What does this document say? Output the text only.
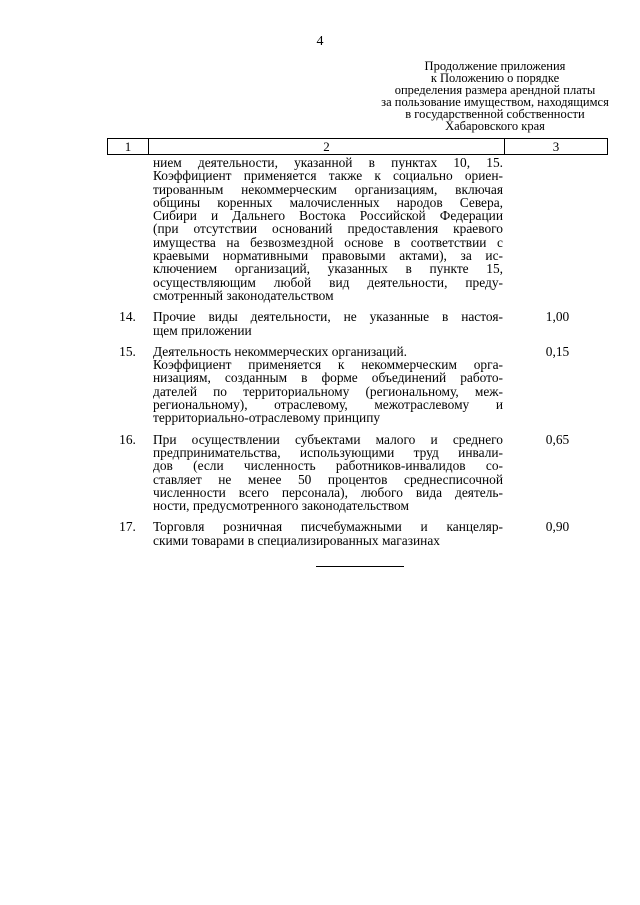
4
Продолжение приложения
к Положению о порядке
определения размера арендной платы
за пользование имуществом, находящимся
в государственной собственности
Хабаровского края
1	2	3
нием деятельности, указанной в пунктах 10, 15.
Коэффициент применяется также к социально ориен-
тированным некоммерческим организациям, включая
общины коренных малочисленных народов Севера,
Сибири и Дальнего Востока Российской Федерации
(при отсутствии оснований предоставления краевого
имущества на безвозмездной основе в соответствии с
краевыми нормативными правовыми актами), за ис-
ключением организаций, указанных в пункте 15,
осуществляющим любой вид деятельности, преду-
смотренный законодательством
14.	Прочие виды деятельности, не указанные в настоя-
щем приложении
1,00
15.	Деятельность некоммерческих организаций.
Коэффициент применяется к некоммерческим орга-
низациям, созданным в форме объединений работо-
дателей по территориальному (региональному, меж-
региональному), отраслевому, межотраслевому и
территориально-отраслевому принципу
0,15
16.	При осуществлении субъектами малого и среднего
предпринимательства, использующими труд инвали-
дов (если численность работников-инвалидов со-
ставляет не менее 50 процентов среднесписочной
численности всего персонала), любого вида деятель-
ности, предусмотренного законодательством
0,65
17.	Торговля розничная писчебумажными и канцеляр-
скими товарами в специализированных магазинах
0,90
